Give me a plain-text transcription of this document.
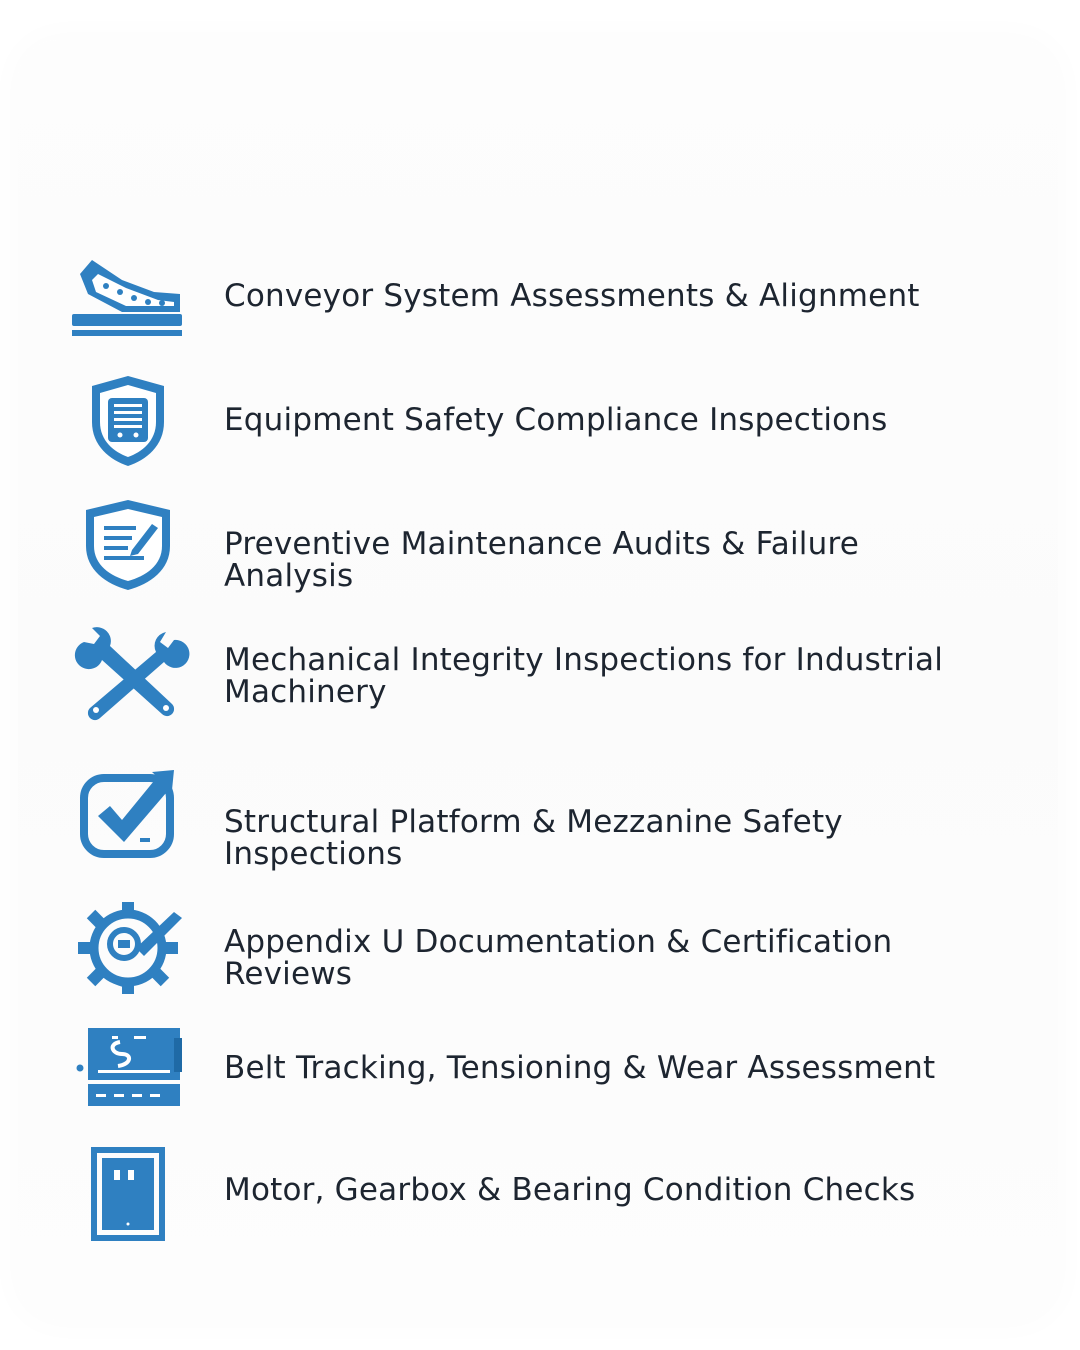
Conveyor System Assessments & Alignment

Equipment Safety Compliance Inspections

Preventive Maintenance Audits & Failure Analysis

Mechanical Integrity Inspections for Industrial Machinery

Structural Platform & Mezzanine Safety Inspections

Appendix U Documentation & Certification Reviews

Belt Tracking, Tensioning & Wear Assessment

Motor, Gearbox & Bearing Condition Checks
